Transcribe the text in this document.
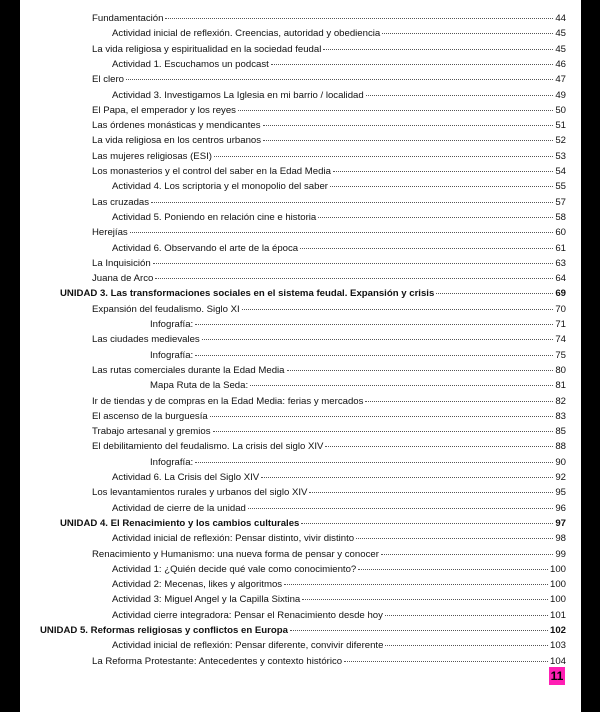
Fundamentación	44
Actividad inicial de reflexión. Creencias, autoridad y obediencia	45
La vida religiosa y espiritualidad en la sociedad feudal	45
Actividad 1. Escuchamos un podcast	46
El clero	47
Actividad 3. Investigamos La Iglesia en mi barrio / localidad	49
El Papa, el emperador y los reyes	50
Las órdenes monásticas y mendicantes	51
La vida religiosa en los centros urbanos	52
Las mujeres religiosas (ESI)	53
Los monasterios y el control del saber en la Edad Media	54
Actividad 4. Los scriptoria y el monopolio del saber	55
Las cruzadas	57
Actividad 5. Poniendo en relación cine e historia	58
Herejías	60
Actividad 6. Observando el arte de la época	61
La Inquisición	63
Juana de Arco	64
UNIDAD 3. Las transformaciones sociales en el sistema feudal. Expansión y crisis	69
Expansión del feudalismo. Siglo XI	70
Infografía:	71
Las ciudades medievales	74
Infografía:	75
Las rutas comerciales durante la Edad Media	80
Mapa Ruta de la Seda:	81
Ir de tiendas y de compras en la Edad Media: ferias y mercados	82
El ascenso de la burguesía	83
Trabajo artesanal y gremios	85
El debilitamiento del feudalismo. La crisis del siglo XIV	88
Infografía:	90
Actividad 6. La Crisis del Siglo XIV	92
Los levantamientos rurales y urbanos del siglo XIV	95
Actividad de cierre de la unidad	96
UNIDAD 4. El Renacimiento y los cambios culturales	97
Actividad inicial de reflexión: Pensar distinto, vivir distinto	98
Renacimiento y Humanismo: una nueva forma de pensar y conocer	99
Actividad 1: ¿Quién decide qué vale como conocimiento?	100
Actividad 2: Mecenas, likes y algoritmos	100
Actividad 3: Miguel Angel y la Capilla Sixtina	100
Actividad cierre integradora: Pensar el Renacimiento desde hoy	101
UNIDAD 5. Reformas religiosas y conflictos en Europa	102
Actividad inicial de reflexión: Pensar diferente, convivir diferente	103
La Reforma Protestante: Antecedentes y contexto histórico	104
11
